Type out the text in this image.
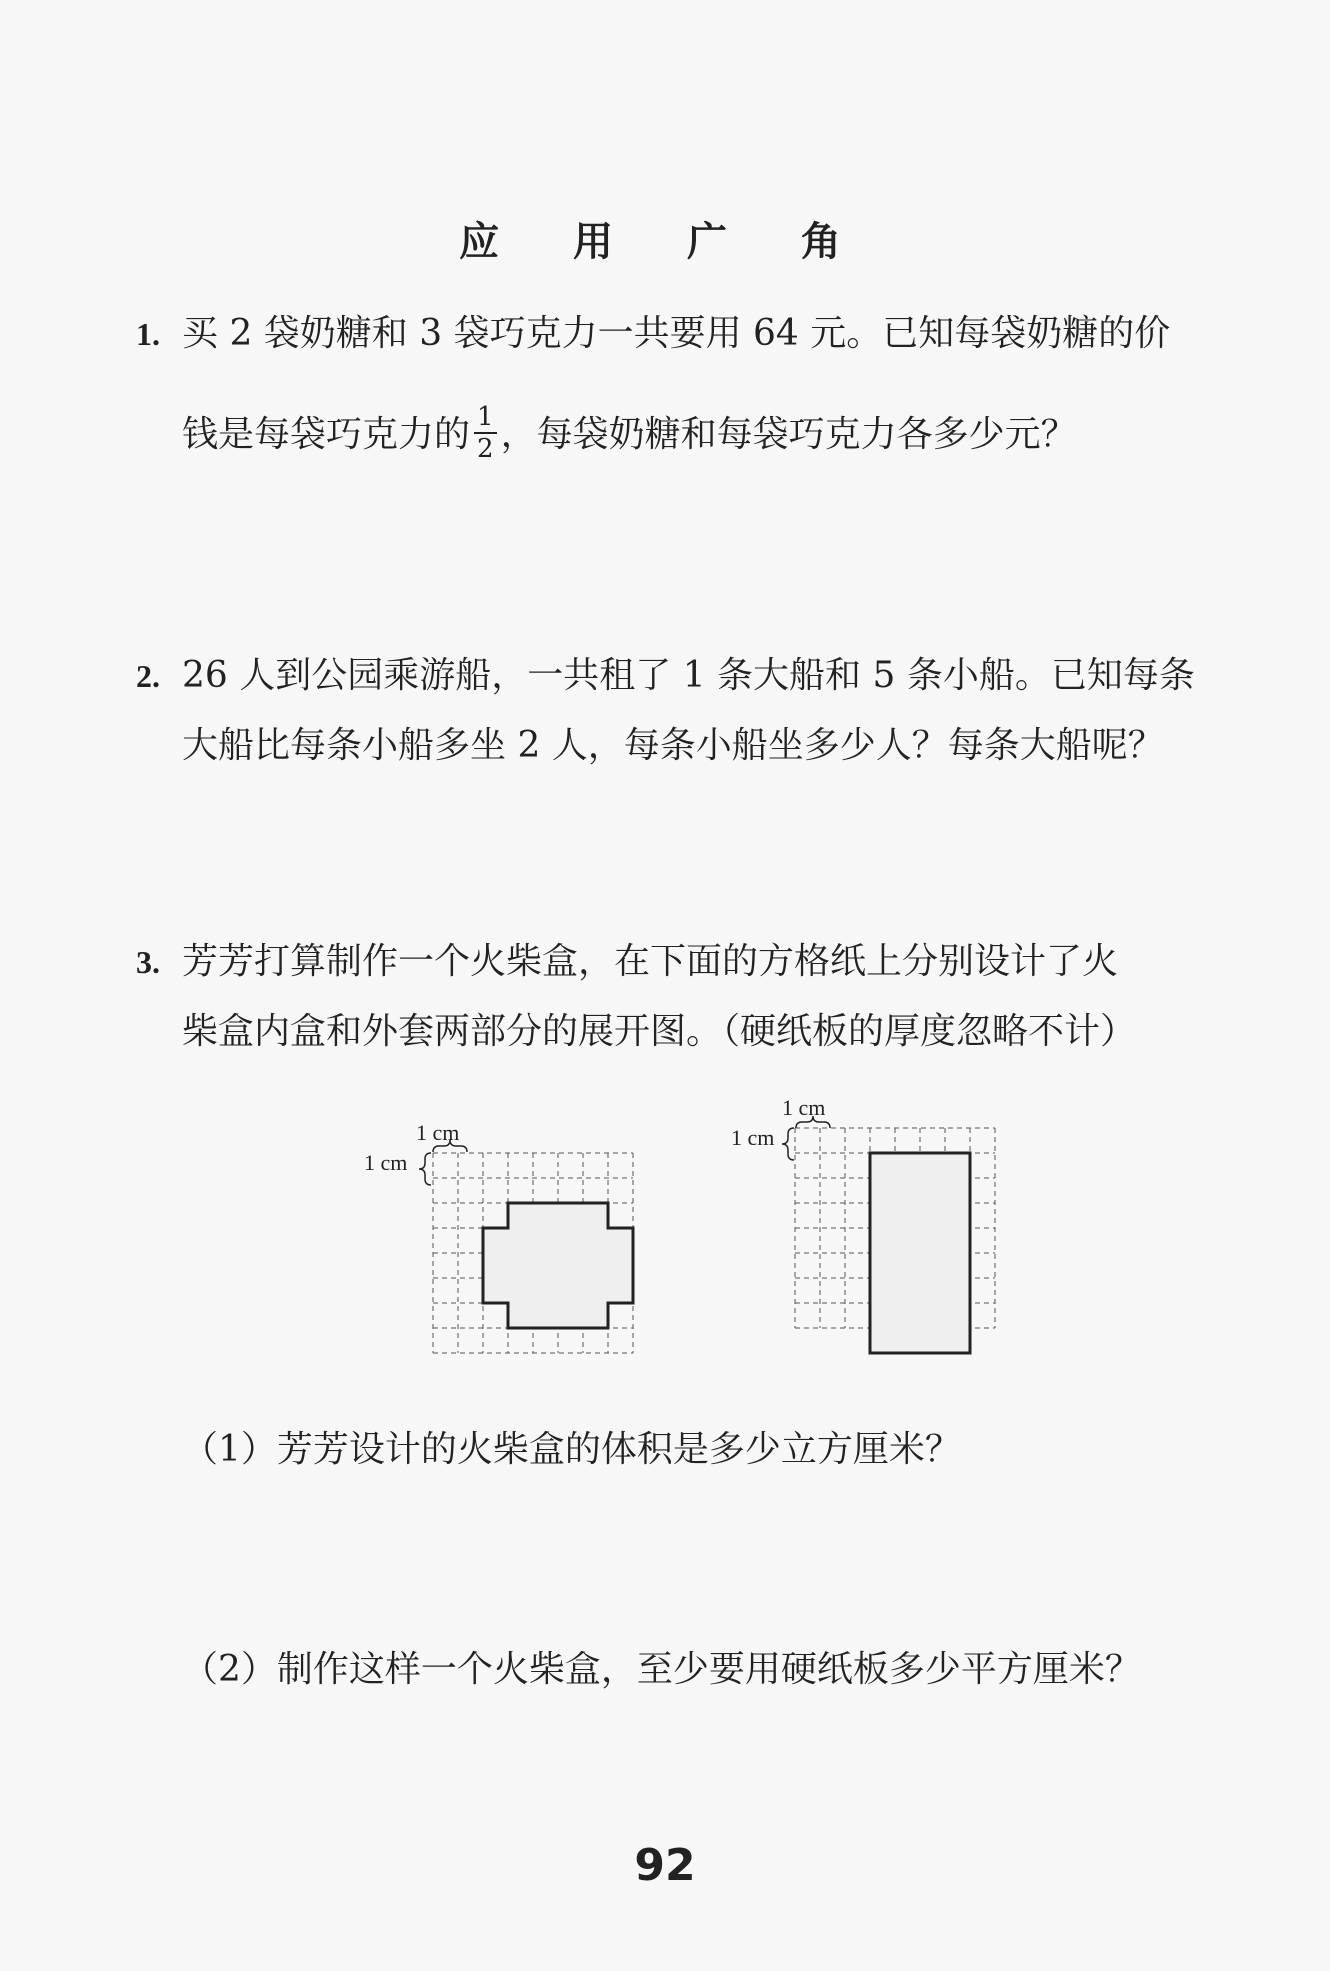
应 用 广 角
1. 买 2 袋奶糖和 3 袋巧克力一共要用 64 元。已知每袋奶糖的价
钱是每袋巧克力的 $\frac{1}{2}$ ，每袋奶糖和每袋巧克力各多少元？
2. 26 人到公园乘游船，一共租了 1 条大船和 5 条小船。已知每条
大船比每条小船多坐 2 人，每条小船坐多少人？每条大船呢？
3. 芳芳打算制作一个火柴盒，在下面的方格纸上分别设计了火
柴盒内盒和外套两部分的展开图。（硬纸板的厚度忽略不计）
1 cm
1 cm
1 cm
1 cm
（1）芳芳设计的火柴盒的体积是多少立方厘米？
（2）制作这样一个火柴盒，至少要用硬纸板多少平方厘米？
92
